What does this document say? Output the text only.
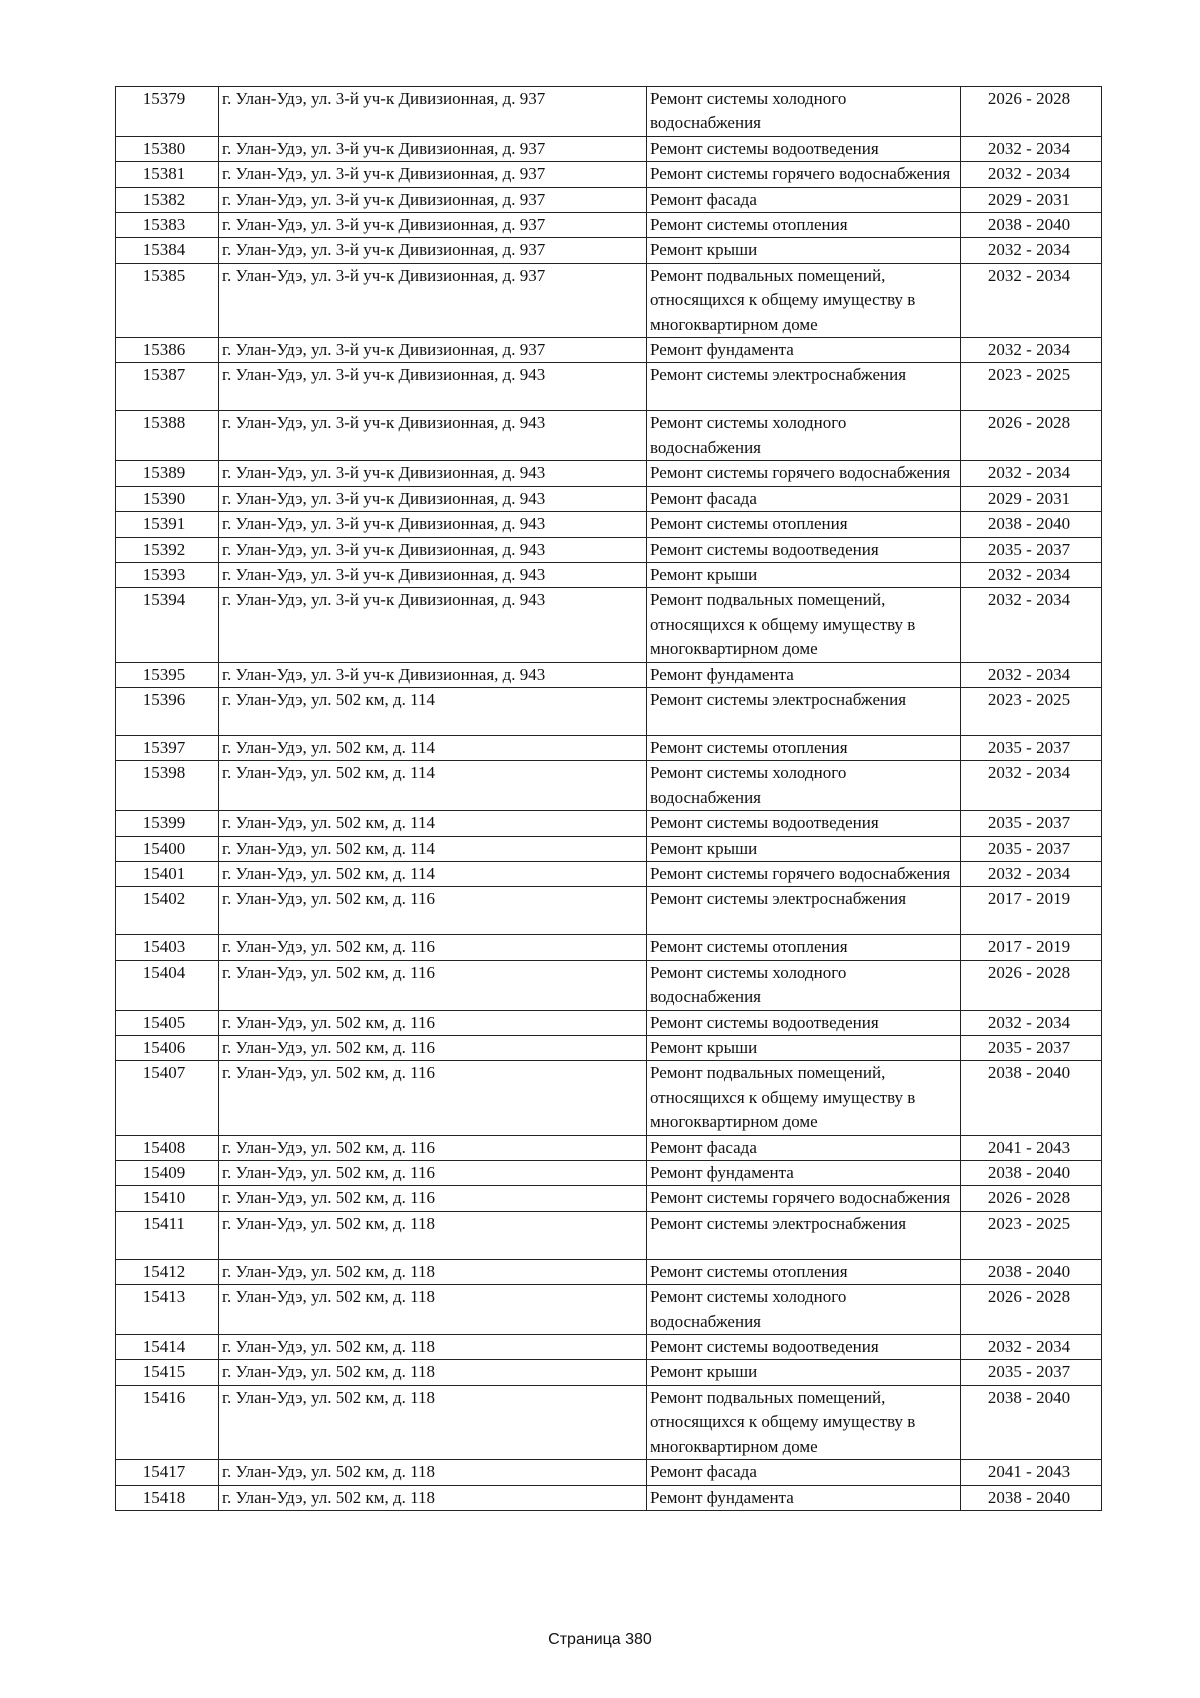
15379	г. Улан-Удэ, ул. 3-й уч-к Дивизионная, д. 937	Ремонт системы холодного водоснабжения	2026 - 2028
15380	г. Улан-Удэ, ул. 3-й уч-к Дивизионная, д. 937	Ремонт системы водоотведения	2032 - 2034
15381	г. Улан-Удэ, ул. 3-й уч-к Дивизионная, д. 937	Ремонт системы горячего водоснабжения	2032 - 2034
15382	г. Улан-Удэ, ул. 3-й уч-к Дивизионная, д. 937	Ремонт фасада	2029 - 2031
15383	г. Улан-Удэ, ул. 3-й уч-к Дивизионная, д. 937	Ремонт системы отопления	2038 - 2040
15384	г. Улан-Удэ, ул. 3-й уч-к Дивизионная, д. 937	Ремонт крыши	2032 - 2034
15385	г. Улан-Удэ, ул. 3-й уч-к Дивизионная, д. 937	Ремонт подвальных помещений, относящихся к общему имуществу в многоквартирном доме	2032 - 2034
15386	г. Улан-Удэ, ул. 3-й уч-к Дивизионная, д. 937	Ремонт фундамента	2032 - 2034
15387	г. Улан-Удэ, ул. 3-й уч-к Дивизионная, д. 943	Ремонт системы электроснабжения	2023 - 2025
15388	г. Улан-Удэ, ул. 3-й уч-к Дивизионная, д. 943	Ремонт системы холодного водоснабжения	2026 - 2028
15389	г. Улан-Удэ, ул. 3-й уч-к Дивизионная, д. 943	Ремонт системы горячего водоснабжения	2032 - 2034
15390	г. Улан-Удэ, ул. 3-й уч-к Дивизионная, д. 943	Ремонт фасада	2029 - 2031
15391	г. Улан-Удэ, ул. 3-й уч-к Дивизионная, д. 943	Ремонт системы отопления	2038 - 2040
15392	г. Улан-Удэ, ул. 3-й уч-к Дивизионная, д. 943	Ремонт системы водоотведения	2035 - 2037
15393	г. Улан-Удэ, ул. 3-й уч-к Дивизионная, д. 943	Ремонт крыши	2032 - 2034
15394	г. Улан-Удэ, ул. 3-й уч-к Дивизионная, д. 943	Ремонт подвальных помещений, относящихся к общему имуществу в многоквартирном доме	2032 - 2034
15395	г. Улан-Удэ, ул. 3-й уч-к Дивизионная, д. 943	Ремонт фундамента	2032 - 2034
15396	г. Улан-Удэ, ул. 502 км, д. 114	Ремонт системы электроснабжения	2023 - 2025
15397	г. Улан-Удэ, ул. 502 км, д. 114	Ремонт системы отопления	2035 - 2037
15398	г. Улан-Удэ, ул. 502 км, д. 114	Ремонт системы холодного водоснабжения	2032 - 2034
15399	г. Улан-Удэ, ул. 502 км, д. 114	Ремонт системы водоотведения	2035 - 2037
15400	г. Улан-Удэ, ул. 502 км, д. 114	Ремонт крыши	2035 - 2037
15401	г. Улан-Удэ, ул. 502 км, д. 114	Ремонт системы горячего водоснабжения	2032 - 2034
15402	г. Улан-Удэ, ул. 502 км, д. 116	Ремонт системы электроснабжения	2017 - 2019
15403	г. Улан-Удэ, ул. 502 км, д. 116	Ремонт системы отопления	2017 - 2019
15404	г. Улан-Удэ, ул. 502 км, д. 116	Ремонт системы холодного водоснабжения	2026 - 2028
15405	г. Улан-Удэ, ул. 502 км, д. 116	Ремонт системы водоотведения	2032 - 2034
15406	г. Улан-Удэ, ул. 502 км, д. 116	Ремонт крыши	2035 - 2037
15407	г. Улан-Удэ, ул. 502 км, д. 116	Ремонт подвальных помещений, относящихся к общему имуществу в многоквартирном доме	2038 - 2040
15408	г. Улан-Удэ, ул. 502 км, д. 116	Ремонт фасада	2041 - 2043
15409	г. Улан-Удэ, ул. 502 км, д. 116	Ремонт фундамента	2038 - 2040
15410	г. Улан-Удэ, ул. 502 км, д. 116	Ремонт системы горячего водоснабжения	2026 - 2028
15411	г. Улан-Удэ, ул. 502 км, д. 118	Ремонт системы электроснабжения	2023 - 2025
15412	г. Улан-Удэ, ул. 502 км, д. 118	Ремонт системы отопления	2038 - 2040
15413	г. Улан-Удэ, ул. 502 км, д. 118	Ремонт системы холодного водоснабжения	2026 - 2028
15414	г. Улан-Удэ, ул. 502 км, д. 118	Ремонт системы водоотведения	2032 - 2034
15415	г. Улан-Удэ, ул. 502 км, д. 118	Ремонт крыши	2035 - 2037
15416	г. Улан-Удэ, ул. 502 км, д. 118	Ремонт подвальных помещений, относящихся к общему имуществу в многоквартирном доме	2038 - 2040
15417	г. Улан-Удэ, ул. 502 км, д. 118	Ремонт фасада	2041 - 2043
15418	г. Улан-Удэ, ул. 502 км, д. 118	Ремонт фундамента	2038 - 2040
Страница 380
